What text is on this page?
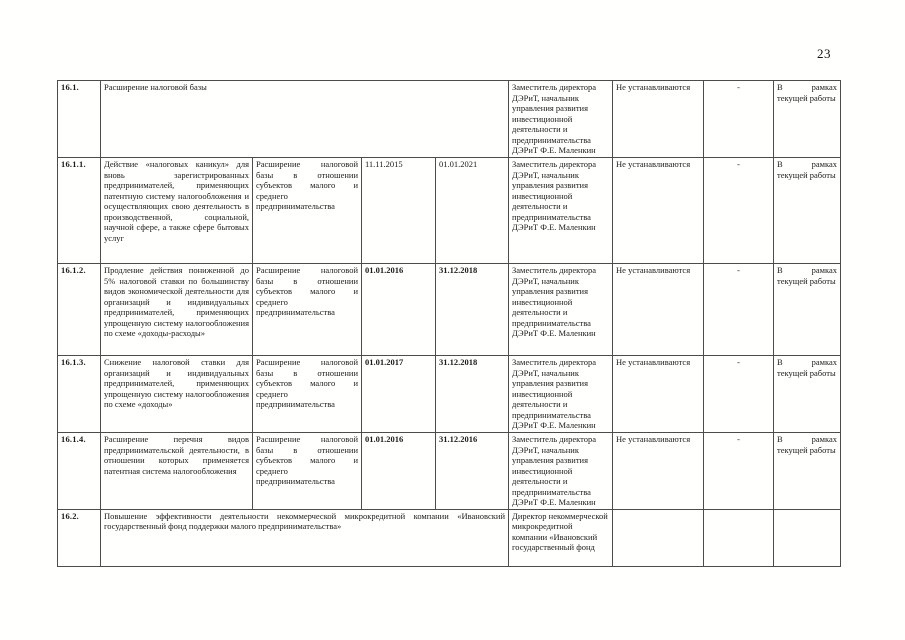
23
16.1.	Расширение налоговой базы				Заместитель директора ДЭРиТ, начальник управления развития инвестиционной деятельности и предпринимательства ДЭРиТ Ф.Е. Маленкин	Не устанавливаются	-	В рамках текущей работы
16.1.1.	Действие «налоговых каникул» для вновь зарегистрированных предпринимателей, применяющих патентную систему налогообложения и осуществляющих свою деятельность в производственной, социальной, научной сфере, а также сфере бытовых услуг	Расширение налоговой базы в отношении субъектов малого и среднего предпринимательства	11.11.2015	01.01.2021	Заместитель директора ДЭРиТ, начальник управления развития инвестиционной деятельности и предпринимательства ДЭРиТ Ф.Е. Маленкин	Не устанавливаются	-	В рамках текущей работы
16.1.2.	Продление действия пониженной до 5% налоговой ставки по большинству видов экономической деятельности для организаций и индивидуальных предпринимателей, применяющих упрощенную систему налогообложения по схеме «доходы-расходы»	Расширение налоговой базы в отношении субъектов малого и среднего предпринимательства	01.01.2016	31.12.2018	Заместитель директора ДЭРиТ, начальник управления развития инвестиционной деятельности и предпринимательства ДЭРиТ Ф.Е. Маленкин	Не устанавливаются	-	В рамках текущей работы
16.1.3.	Снижение налоговой ставки для организаций и индивидуальных предпринимателей, применяющих упрощенную систему налогообложения по схеме «доходы»	Расширение налоговой базы в отношении субъектов малого и среднего предпринимательства	01.01.2017	31.12.2018	Заместитель директора ДЭРиТ, начальник управления развития инвестиционной деятельности и предпринимательства ДЭРиТ Ф.Е. Маленкин	Не устанавливаются	-	В рамках текущей работы
16.1.4.	Расширение перечня видов предпринимательской деятельности, в отношении которых применяется патентная система налогообложения	Расширение налоговой базы в отношении субъектов малого и среднего предпринимательства	01.01.2016	31.12.2016	Заместитель директора ДЭРиТ, начальник управления развития инвестиционной деятельности и предпринимательства ДЭРиТ Ф.Е. Маленкин	Не устанавливаются	-	В рамках текущей работы
16.2.	Повышение эффективности деятельности некоммерческой микрокредитной компании «Ивановский государственный фонд поддержки малого предпринимательства»				Директор некоммерческой микрокредитной компании «Ивановский государственный фонд			
